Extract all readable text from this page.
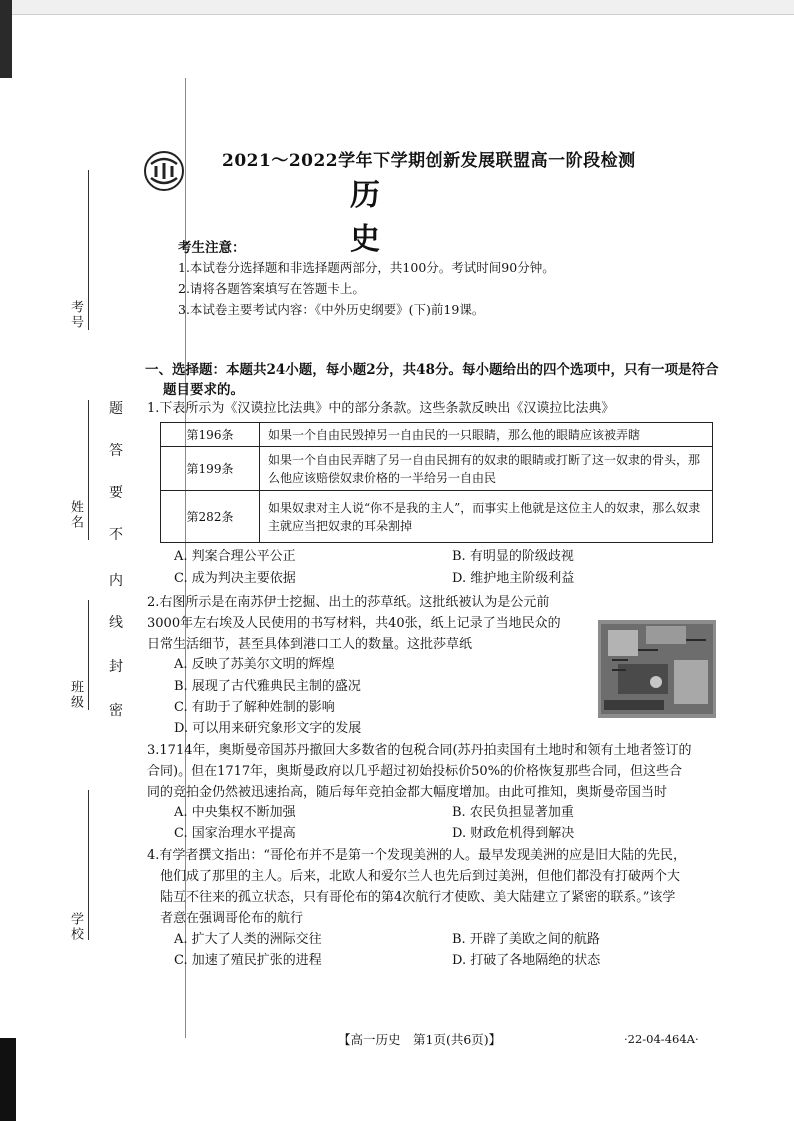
考号
姓名
班级
学校
题
答
要
不
内
线
封
密
2021～2022学年下学期创新发展联盟高一阶段检测
历史
考生注意：
1.本试卷分选择题和非选择题两部分，共100分。考试时间90分钟。
2.请将各题答案填写在答题卡上。
3.本试卷主要考试内容：《中外历史纲要》(下)前19课。
一、选择题：本题共24小题，每小题2分，共48分。每小题给出的四个选项中，只有一项是符合
题目要求的。
1.下表所示为《汉谟拉比法典》中的部分条款。这些条款反映出《汉谟拉比法典》
第196条	如果一个自由民毁掉另一自由民的一只眼睛，那么他的眼睛应该被弄瞎
第199条	如果一个自由民弄瞎了另一自由民拥有的奴隶的眼睛或打断了这一奴隶的骨头，那么他应该赔偿奴隶价格的一半给另一自由民
第282条	如果奴隶对主人说“你不是我的主人”，而事实上他就是这位主人的奴隶，那么奴隶主就应当把奴隶的耳朵割掉
A. 判案合理公平公正	B. 有明显的阶级歧视
C. 成为判决主要依据	D. 维护地主阶级利益
2.右图所示是在南苏伊士挖掘、出土的莎草纸。这批纸被认为是公元前
3000年左右埃及人民使用的书写材料，共40张，纸上记录了当地民众的
日常生活细节，甚至具体到港口工人的数量。这批莎草纸
A. 反映了苏美尔文明的辉煌
B. 展现了古代雅典民主制的盛况
C. 有助于了解种姓制的影响
D. 可以用来研究象形文字的发展
3.1714年，奥斯曼帝国苏丹撤回大多数省的包税合同(苏丹拍卖国有土地时和领有土地者签订的
合同)。但在1717年，奥斯曼政府以几乎超过初始投标价50%的价格恢复那些合同，但这些合
同的竞拍金仍然被迅速抬高，随后每年竞拍金都大幅度增加。由此可推知，奥斯曼帝国当时
A. 中央集权不断加强	B. 农民负担显著加重
C. 国家治理水平提高	D. 财政危机得到解决
4.有学者撰文指出：“哥伦布并不是第一个发现美洲的人。最早发现美洲的应是旧大陆的先民，
他们成了那里的主人。后来，北欧人和爱尔兰人也先后到过美洲，但他们都没有打破两个大
陆互不往来的孤立状态，只有哥伦布的第4次航行才使欧、美大陆建立了紧密的联系。”该学
者意在强调哥伦布的航行
A. 扩大了人类的洲际交往	B. 开辟了美欧之间的航路
C. 加速了殖民扩张的进程	D. 打破了各地隔绝的状态
【高一历史　第1页(共6页)】	·22-04-464A·
